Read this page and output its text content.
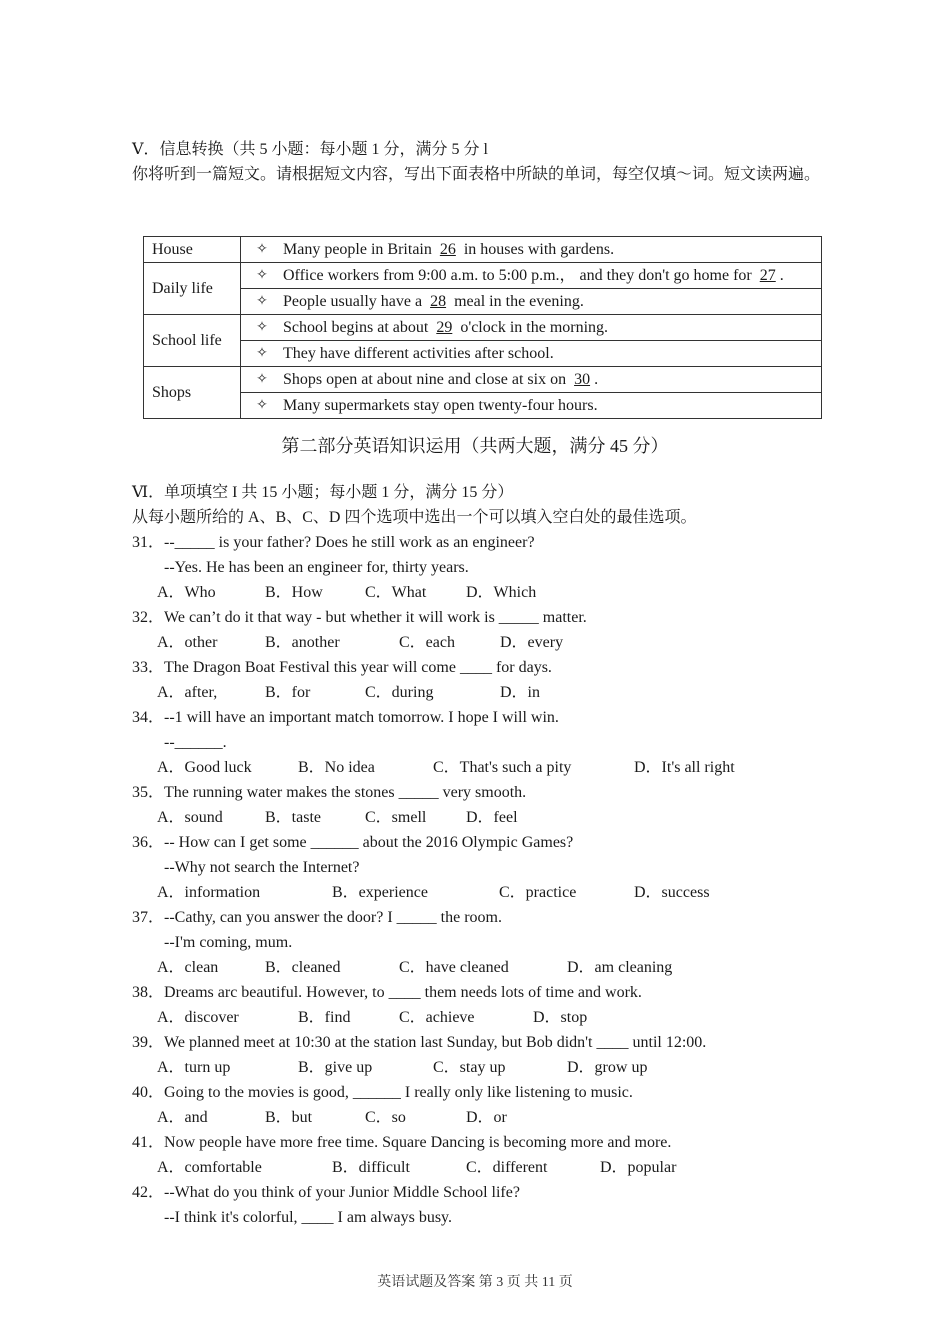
Ⅴ．信息转换（共 5 小题：每小题 1 分，满分 5 分 l
你将听到一篇短文。请根据短文内容，写出下面表格中所缺的单词，每空仅填～词。短文读两遍。
House	✧ Many people in Britain 26 in houses with gardens.

Daily life	✧ Office workers from 9:00 a.m. to 5:00 p.m.， and they don't go home for 27 .

	✧ People usually have a 28 meal in the evening.

School life	✧ School begins at about 29 o'clock in the morning.

	✧ They have different activities after school.

Shops	✧ Shops open at about nine and close at six on 30 .

	✧ Many supermarkets stay open twenty-four hours.
第二部分英语知识运用（共两大题，满分 45 分）
Ⅵ．单项填空 I 共 15 小题；每小题 1 分，满分 15 分）
从每小题所给的 A、B、C、D 四个选项中选出一个可以填入空白处的最佳选项。
31．--_____ is your father? Does he still work as an engineer?
--Yes. He has been an engineer for, thirty years.
A．Who	B．How	C．What D．Which
32．We can’t do it that way - but whether it will work is _____ matter.
A．other	B．another	C．each	D．every
33．The Dragon Boat Festival this year will come ____ for days.
A．after,	B．for	C．during	D．in
34．--1 will have an important match tomorrow. I hope I will win.
--______.
A．Good luck	B．No idea	C．That's such a pity	D．It's all right
35．The running water makes the stones _____ very smooth.
A．sound	B．taste	C．smell D．feel
36．-- How can I get some ______ about the 2016 Olympic Games?
--Why not search the Internet?
A．information	B．experience	C．practice	D．success
37．--Cathy, can you answer the door? I _____ the room.
--I'm coming, mum.
A．clean	B．cleaned	C．have cleaned	D．am cleaning
38．Dreams arc beautiful. However, to ____ them needs lots of time and work.
A．discover	B．find	C．achieve	D．stop
39．We planned meet at 10:30 at the station last Sunday, but Bob didn't ____ until 12:00.
A．turn up	B．give up	C．stay up	D．grow up
40．Going to the movies is good, ______ I really only like listening to music.
A．and	B．but	C．so	D．or
41．Now people have more free time. Square Dancing is becoming more and more.
A．comfortable	B．difficult	C．different	D．popular
42．--What do you think of your Junior Middle School life?
--I think it's colorful, ____ I am always busy.
英语试题及答案 第 3 页 共 11 页
